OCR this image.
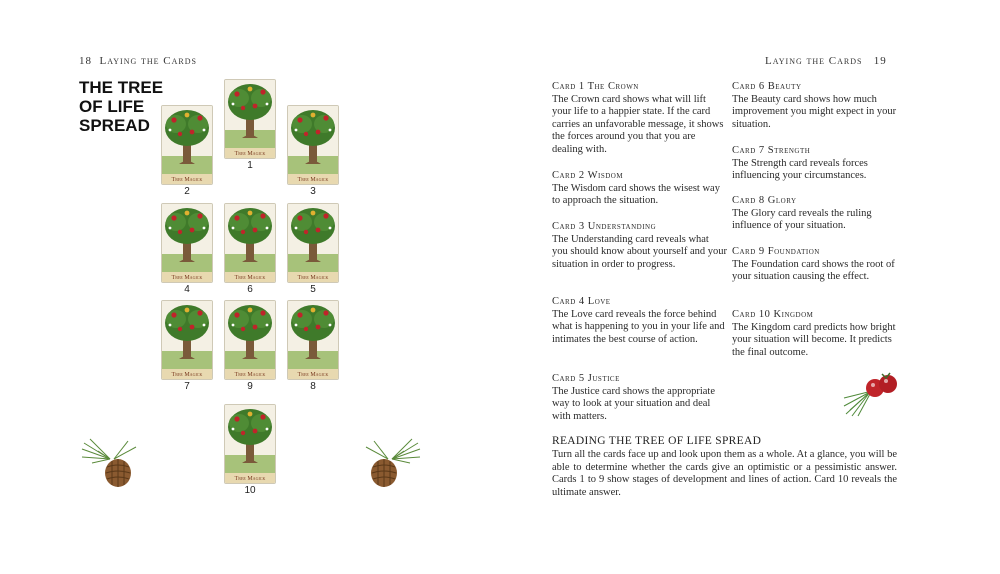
18 Laying the Cards
THE TREE
OF LIFE
SPREAD
Tree Magick
1
Tree Magick
2
Tree Magick
3
Tree Magick
4
Tree Magick
6
Tree Magick
5
Tree Magick
7
Tree Magick
9
Tree Magick
8
Tree Magick
10
Laying the Cards 19
Card 1 The Crown
The Crown card shows what will lift your life to a happier state. If the card carries an unfavorable message, it shows the forces around you that you are dealing with.
Card 2 Wisdom
The Wisdom card shows the wisest way to approach the situation.
Card 3 Understanding
The Understanding card reveals what you should know about yourself and your situation in order to progress.
Card 4 Love
The Love card reveals the force behind what is happening to you in your life and intimates the best course of action.
Card 5 Justice
The Justice card shows the appropriate way to look at your situation and deal with matters.
Card 6 Beauty
The Beauty card shows how much improvement you might expect in your situation.
Card 7 Strength
The Strength card reveals forces influencing your circumstances.
Card 8 Glory
The Glory card reveals the ruling influence of your situation.
Card 9 Foundation
The Foundation card shows the root of your situation causing the effect.
Card 10 Kingdom
The Kingdom card predicts how bright your situation will become. It predicts the final outcome.
READING THE TREE OF LIFE SPREAD
Turn all the cards face up and look upon them as a whole. At a glance, you will be able to determine whether the cards give an optimistic or a pessimistic answer. Cards 1 to 9 show stages of development and lines of action. Card 10 reveals the ultimate answer.
